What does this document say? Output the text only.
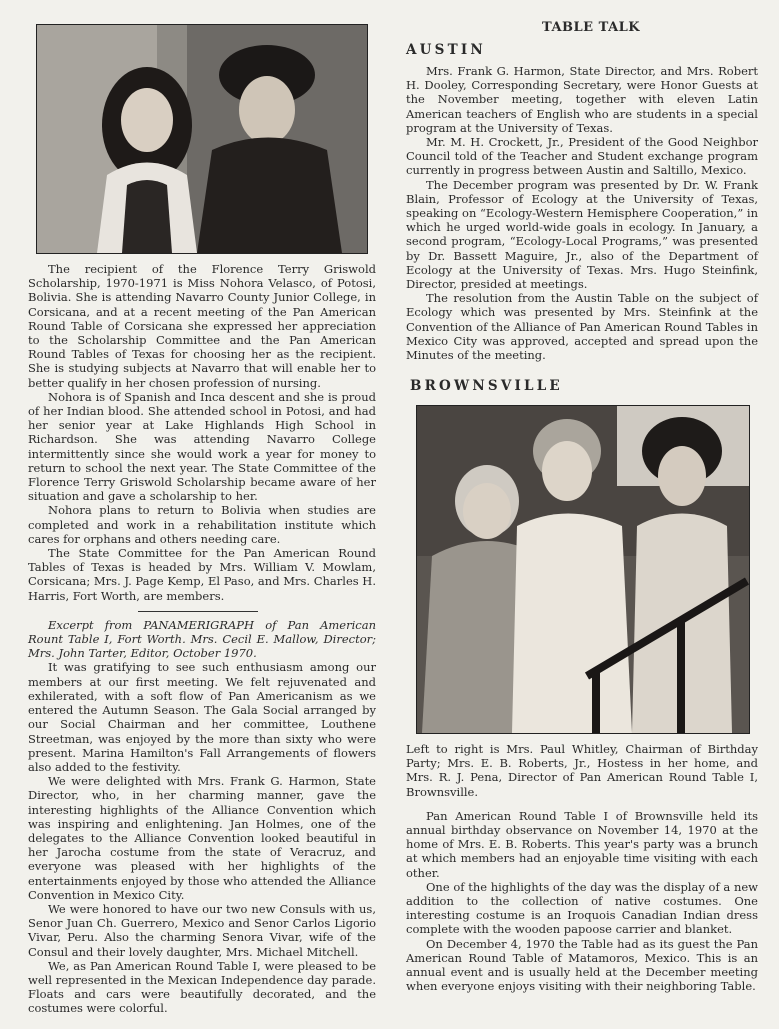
TABLE TALK

The recipient of the Florence Terry Griswold Scholarship, 1970-1971 is Miss Nohora Velasco, of Potosi, Bolivia. She is attending Navarro County Junior College, in Corsicana, and at a recent meeting of the Pan American Round Table of Corsicana she expressed her appreciation to the Scholarship Committee and the Pan American Round Tables of Texas for choosing her as the recipient. She is studying subjects at Navarro that will enable her to better qualify in her chosen profession of nursing.

Nohora is of Spanish and Inca descent and she is proud of her Indian blood. She attended school in Potosi, and had her senior year at Lake Highlands High School in Richardson. She was attending Navarro College intermittently since she would work a year for money to return to school the next year. The State Committee of the Florence Terry Griswold Scholarship became aware of her situation and gave a scholarship to her.

Nohora plans to return to Bolivia when studies are completed and work in a rehabilitation institute which cares for orphans and others needing care.

The State Committee for the Pan American Round Tables of Texas is headed by Mrs. William V. Mowlam, Corsicana; Mrs. J. Page Kemp, El Paso, and Mrs. Charles H. Harris, Fort Worth, are members.

Excerpt from PANAMERIGRAPH of Pan American Rount Table I, Fort Worth. Mrs. Cecil E. Mallow, Director; Mrs. John Tarter, Editor, October 1970.

It was gratifying to see such enthusiasm among our members at our first meeting. We felt rejuvenated and exhilerated, with a soft flow of Pan Americanism as we entered the Autumn Season. The Gala Social arranged by our Social Chairman and her committee, Louthene Streetman, was enjoyed by the more than sixty who were present. Marina Hamilton's Fall Arrangements of flowers also added to the festivity.

We were delighted with Mrs. Frank G. Harmon, State Director, who, in her charming manner, gave the interesting highlights of the Alliance Convention which was inspiring and enlightening. Jan Holmes, one of the delegates to the Alliance Convention looked beautiful in her Jarocha costume from the state of Veracruz, and everyone was pleased with her highlights of the entertainments enjoyed by those who attended the Alliance Convention in Mexico City.

We were honored to have our two new Consuls with us, Senor Juan Ch. Guerrero, Mexico and Senor Carlos Ligorio Vivar, Peru. Also the charming Senora Vivar, wife of the Consul and their lovely daughter, Mrs. Michael Mitchell.

We, as Pan American Round Table I, were pleased to be well represented in the Mexican Independence day parade. Floats and cars were beautifully decorated, and the costumes were colorful.

AUSTIN

Mrs. Frank G. Harmon, State Director, and Mrs. Robert H. Dooley, Corresponding Secretary, were Honor Guests at the November meeting, together with eleven Latin American teachers of English who are students in a special program at the University of Texas.

Mr. M. H. Crockett, Jr., President of the Good Neighbor Council told of the Teacher and Student exchange program currently in progress between Austin and Saltillo, Mexico.

The December program was presented by Dr. W. Frank Blain, Professor of Ecology at the University of Texas, speaking on “Ecology-Western Hemisphere Cooperation,” in which he urged world-wide goals in ecology. In January, a second program, “Ecology-Local Programs,” was presented by Dr. Bassett Maguire, Jr., also of the Department of Ecology at the University of Texas. Mrs. Hugo Steinfink, Director, presided at meetings.

The resolution from the Austin Table on the subject of Ecology which was presented by Mrs. Steinfink at the Convention of the Alliance of Pan American Round Tables in Mexico City was approved, accepted and spread upon the Minutes of the meeting.

BROWNSVILLE

Left to right is Mrs. Paul Whitley, Chairman of Birthday Party; Mrs. E. B. Roberts, Jr., Hostess in her home, and Mrs. R. J. Pena, Director of Pan American Round Table I, Brownsville.

Pan American Round Table I of Brownsville held its annual birthday observance on November 14, 1970 at the home of Mrs. E. B. Roberts. This year's party was a brunch at which members had an enjoyable time visiting with each other.

One of the highlights of the day was the display of a new addition to the collection of native costumes. One interesting costume is an Iroquois Canadian Indian dress complete with the wooden papoose carrier and blanket.

On December 4, 1970 the Table had as its guest the Pan American Round Table of Matamoros, Mexico. This is an annual event and is usually held at the December meeting when everyone enjoys visiting with their neighboring Table.
